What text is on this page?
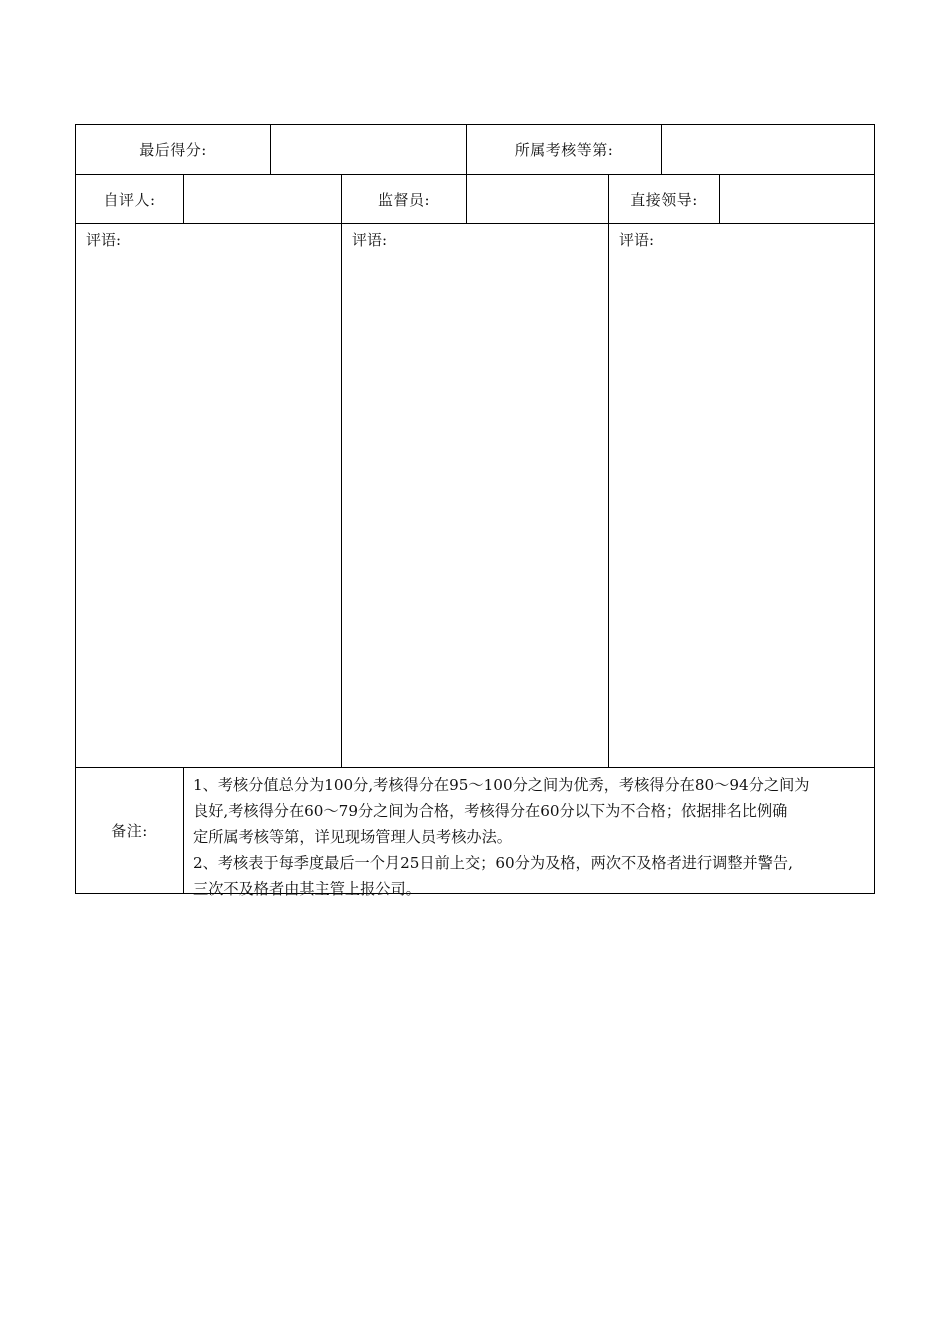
最后得分:	所属考核等第:
自评人:	监督员:	直接领导:
评语:	评语:	评语:
备注:
1、考核分值总分为100分,考核得分在95～100分之间为优秀，考核得分在80～94分之间为
良好,考核得分在60～79分之间为合格，考核得分在60分以下为不合格；依据排名比例确
定所属考核等第，详见现场管理人员考核办法。
2、考核表于每季度最后一个月25日前上交；60分为及格，两次不及格者进行调整并警告,
三次不及格者由其主管上报公司。
